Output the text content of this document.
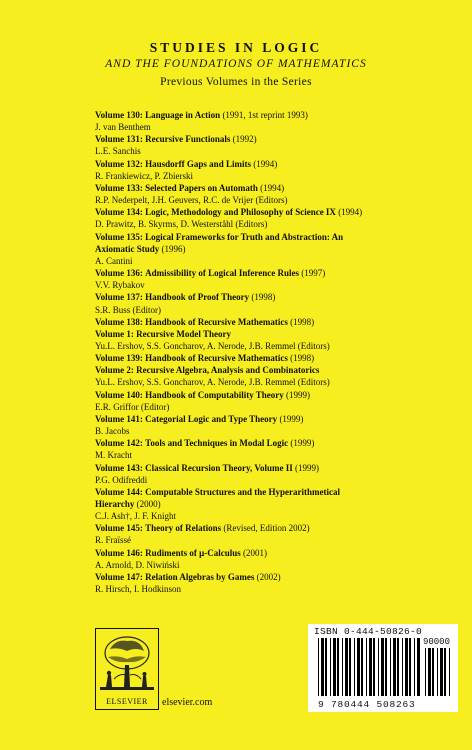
STUDIES IN LOGIC
AND THE FOUNDATIONS OF MATHEMATICS
Previous Volumes in the Series
Volume 130: Language in Action (1991, 1st reprint 1993)
J. van Benthem
Volume 131: Recursive Functionals (1992)
L.E. Sanchis
Volume 132: Hausdorff Gaps and Limits (1994)
R. Frankiewicz, P. Zbierski
Volume 133: Selected Papers on Automath (1994)
R.P. Nederpelt, J.H. Geuvers, R.C. de Vrijer (Editors)
Volume 134: Logic, Methodology and Philosophy of Science IX (1994)
D. Prawitz, B. Skyrms, D. Westerståhl (Editors)
Volume 135: Logical Frameworks for Truth and Abstraction: An
Axiomatic Study (1996)
A. Cantini
Volume 136: Admissibility of Logical Inference Rules (1997)
V.V. Rybakov
Volume 137: Handbook of Proof Theory (1998)
S.R. Buss (Editor)
Volume 138: Handbook of Recursive Mathematics (1998)
Volume 1: Recursive Model Theory
Yu.L. Ershov, S.S. Goncharov, A. Nerode, J.B. Remmel (Editors)
Volume 139: Handbook of Recursive Mathematics (1998)
Volume 2: Recursive Algebra, Analysis and Combinatorics
Yu.L. Ershov, S.S. Goncharov, A. Nerode, J.B. Remmel (Editors)
Volume 140: Handbook of Computability Theory (1999)
E.R. Griffor (Editor)
Volume 141: Categorial Logic and Type Theory (1999)
B. Jacobs
Volume 142: Tools and Techniques in Modal Logic (1999)
M. Kracht
Volume 143: Classical Recursion Theory, Volume II (1999)
P.G. Odifreddi
Volume 144: Computable Structures and the Hyperarithmetical
Hierarchy (2000)
C.J. Ash†, J. F. Knight
Volume 145: Theory of Relations (Revised, Edition 2002)
R. Fraïssé
Volume 146: Rudiments of μ-Calculus (2001)
A. Arnold, D. Niwiński
Volume 147: Relation Algebras by Games (2002)
R. Hirsch, I. Hodkinson
ELSEVIER	elsevier.com
ISBN 0-444-50826-0
90000
9 780444 508263
